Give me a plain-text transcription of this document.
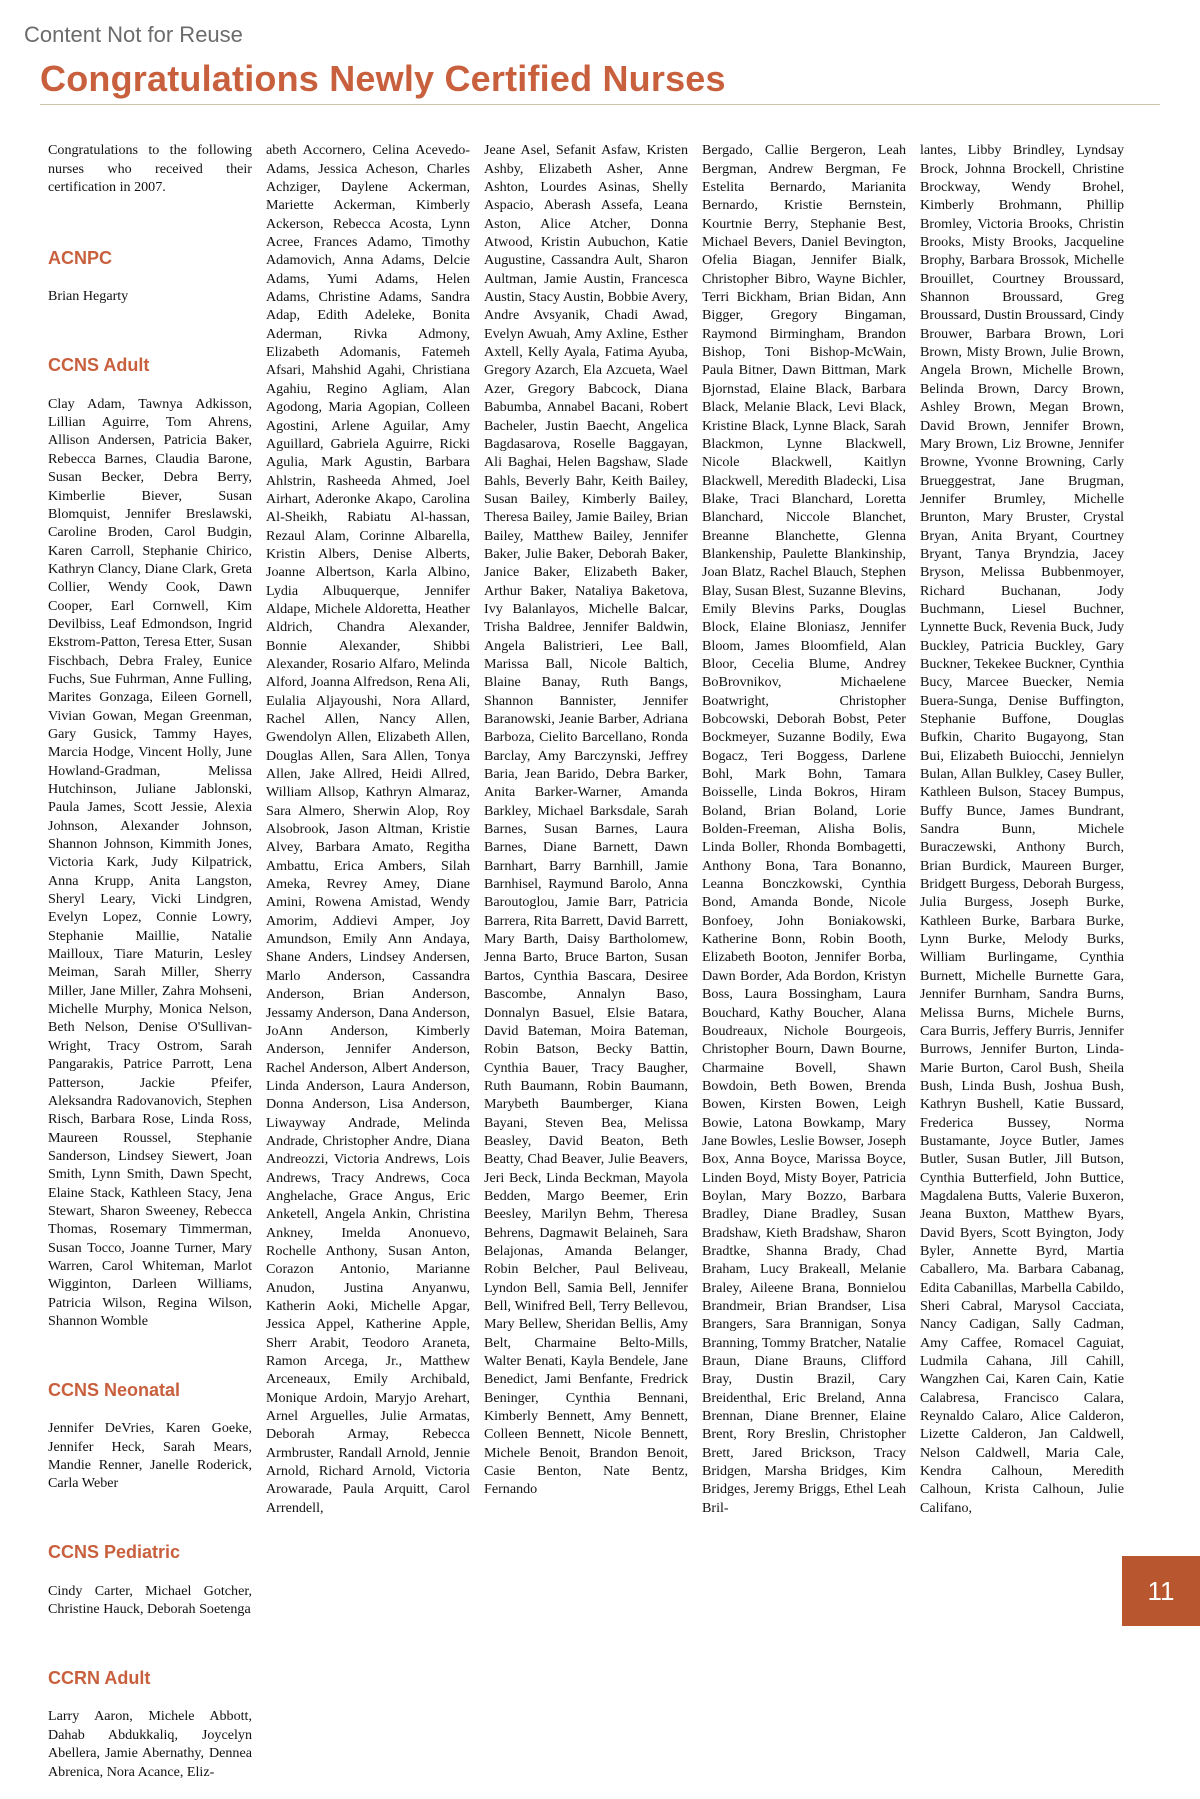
Content Not for Reuse
Congratulations Newly Certified Nurses

Congratulations to the following nurses who received their certification in 2007.

ACNPC

Brian Hegarty

CCNS Adult

Clay Adam, Tawnya Adkisson, Lillian Aguirre, Tom Ahrens, Allison Andersen, Patricia Baker, Rebecca Barnes, Claudia Barone, Susan Becker, Debra Berry, Kimberlie Biever, Susan Blomquist, Jennifer Breslawski, Caroline Broden, Carol Budgin, Karen Carroll, Stephanie Chirico, Kathryn Clancy, Diane Clark, Greta Collier, Wendy Cook, Dawn Cooper, Earl Cornwell, Kim Devilbiss, Leaf Edmondson, Ingrid Ekstrom-Patton, Teresa Etter, Susan Fischbach, Debra Fraley, Eunice Fuchs, Sue Fuhrman, Anne Fulling, Marites Gonzaga, Eileen Gornell, Vivian Gowan, Megan Greenman, Gary Gusick, Tammy Hayes, Marcia Hodge, Vincent Holly, June Howland-Gradman, Melissa Hutchinson, Juliane Jablonski, Paula James, Scott Jessie, Alexia Johnson, Alexander Johnson, Shannon Johnson, Kimmith Jones, Victoria Kark, Judy Kilpatrick, Anna Krupp, Anita Langston, Sheryl Leary, Vicki Lindgren, Evelyn Lopez, Connie Lowry, Stephanie Maillie, Natalie Mailloux, Tiare Maturin, Lesley Meiman, Sarah Miller, Sherry Miller, Jane Miller, Zahra Mohseni, Michelle Murphy, Monica Nelson, Beth Nelson, Denise O'Sullivan-Wright, Tracy Ostrom, Sarah Pangarakis, Patrice Parrott, Lena Patterson, Jackie Pfeifer, Aleksandra Radovanovich, Stephen Risch, Barbara Rose, Linda Ross, Maureen Roussel, Stephanie Sanderson, Lindsey Siewert, Joan Smith, Lynn Smith, Dawn Specht, Elaine Stack, Kathleen Stacy, Jena Stewart, Sharon Sweeney, Rebecca Thomas, Rosemary Timmerman, Susan Tocco, Joanne Turner, Mary Warren, Carol Whiteman, Marlot Wigginton, Darleen Williams, Patricia Wilson, Regina Wilson, Shannon Womble

CCNS Neonatal

Jennifer DeVries, Karen Goeke, Jennifer Heck, Sarah Mears, Mandie Renner, Janelle Roderick, Carla Weber

CCNS Pediatric

Cindy Carter, Michael Gotcher, Christine Hauck, Deborah Soetenga

CCRN Adult

Larry Aaron, Michele Abbott, Dahab Abdukkaliq, Joycelyn Abellera, Jamie Abernathy, Dennea Abrenica, Nora Acance, Eliz-

abeth Accornero, Celina Acevedo-Adams, Jessica Acheson, Charles Achziger, Daylene Ackerman, Mariette Ackerman, Kimberly Ackerson, Rebecca Acosta, Lynn Acree, Frances Adamo, Timothy Adamovich, Anna Adams, Delcie Adams, Yumi Adams, Helen Adams, Christine Adams, Sandra Adap, Edith Adeleke, Bonita Aderman, Rivka Admony, Elizabeth Adomanis, Fatemeh Afsari, Mahshid Agahi, Christiana Agahiu, Regino Agliam, Alan Agodong, Maria Agopian, Colleen Agostini, Arlene Aguilar, Amy Aguillard, Gabriela Aguirre, Ricki Agulia, Mark Agustin, Barbara Ahlstrin, Rasheeda Ahmed, Joel Airhart, Aderonke Akapo, Carolina Al-Sheikh, Rabiatu Al-hassan, Rezaul Alam, Corinne Albarella, Kristin Albers, Denise Alberts, Joanne Albertson, Karla Albino, Lydia Albuquerque, Jennifer Aldape, Michele Aldoretta, Heather Aldrich, Chandra Alexander, Bonnie Alexander, Shibbi Alexander, Rosario Alfaro, Melinda Alford, Joanna Alfredson, Rena Ali, Eulalia Aljayoushi, Nora Allard, Rachel Allen, Nancy Allen, Gwendolyn Allen, Elizabeth Allen, Douglas Allen, Sara Allen, Tonya Allen, Jake Allred, Heidi Allred, William Allsop, Kathryn Almaraz, Sara Almero, Sherwin Alop, Roy Alsobrook, Jason Altman, Kristie Alvey, Barbara Amato, Regitha Ambattu, Erica Ambers, Silah Ameka, Revrey Amey, Diane Amini, Rowena Amistad, Wendy Amorim, Addievi Amper, Joy Amundson, Emily Ann Andaya, Shane Anders, Lindsey Andersen, Marlo Anderson, Cassandra Anderson, Brian Anderson, Jessamy Anderson, Dana Anderson, JoAnn Anderson, Kimberly Anderson, Jennifer Anderson, Rachel Anderson, Albert Anderson, Linda Anderson, Laura Anderson, Donna Anderson, Lisa Anderson, Liwayway Andrade, Melinda Andrade, Christopher Andre, Diana Andreozzi, Victoria Andrews, Lois Andrews, Tracy Andrews, Coca Anghelache, Grace Angus, Eric Anketell, Angela Ankin, Christina Ankney, Imelda Anonuevo, Rochelle Anthony, Susan Anton, Corazon Antonio, Marianne Anudon, Justina Anyanwu, Katherin Aoki, Michelle Apgar, Jessica Appel, Katherine Apple, Sherr Arabit, Teodoro Araneta, Ramon Arcega, Jr., Matthew Arceneaux, Emily Archibald, Monique Ardoin, Maryjo Arehart, Arnel Arguelles, Julie Armatas, Deborah Armay, Rebecca Armbruster, Randall Arnold, Jennie Arnold, Richard Arnold, Victoria Arowarade, Paula Arquitt, Carol Arrendell,

Jeane Asel, Sefanit Asfaw, Kristen Ashby, Elizabeth Asher, Anne Ashton, Lourdes Asinas, Shelly Aspacio, Aberash Assefa, Leana Aston, Alice Atcher, Donna Atwood, Kristin Aubuchon, Katie Augustine, Cassandra Ault, Sharon Aultman, Jamie Austin, Francesca Austin, Stacy Austin, Bobbie Avery, Andre Avsyanik, Chadi Awad, Evelyn Awuah, Amy Axline, Esther Axtell, Kelly Ayala, Fatima Ayuba, Gregory Azarch, Ela Azcueta, Wael Azer, Gregory Babcock, Diana Babumba, Annabel Bacani, Robert Bacheler, Justin Baecht, Angelica Bagdasarova, Roselle Baggayan, Ali Baghai, Helen Bagshaw, Slade Bahls, Beverly Bahr, Keith Bailey, Susan Bailey, Kimberly Bailey, Theresa Bailey, Jamie Bailey, Brian Bailey, Matthew Bailey, Jennifer Baker, Julie Baker, Deborah Baker, Janice Baker, Elizabeth Baker, Arthur Baker, Nataliya Baketova, Ivy Balanlayos, Michelle Balcar, Trisha Baldree, Jennifer Baldwin, Angela Balistrieri, Lee Ball, Marissa Ball, Nicole Baltich, Blaine Banay, Ruth Bangs, Shannon Bannister, Jennifer Baranowski, Jeanie Barber, Adriana Barboza, Cielito Barcellano, Ronda Barclay, Amy Barczynski, Jeffrey Baria, Jean Barido, Debra Barker, Anita Barker-Warner, Amanda Barkley, Michael Barksdale, Sarah Barnes, Susan Barnes, Laura Barnes, Diane Barnett, Dawn Barnhart, Barry Barnhill, Jamie Barnhisel, Raymund Barolo, Anna Baroutoglou, Jamie Barr, Patricia Barrera, Rita Barrett, David Barrett, Mary Barth, Daisy Bartholomew, Jenna Barto, Bruce Barton, Susan Bartos, Cynthia Bascara, Desiree Bascombe, Annalyn Baso, Donnalyn Basuel, Elsie Batara, David Bateman, Moira Bateman, Robin Batson, Becky Battin, Cynthia Bauer, Tracy Baugher, Ruth Baumann, Robin Baumann, Marybeth Baumberger, Kiana Bayani, Steven Bea, Melissa Beasley, David Beaton, Beth Beatty, Chad Beaver, Julie Beavers, Jeri Beck, Linda Beckman, Mayola Bedden, Margo Beemer, Erin Beesley, Marilyn Behm, Theresa Behrens, Dagmawit Belaineh, Sara Belajonas, Amanda Belanger, Robin Belcher, Paul Beliveau, Lyndon Bell, Samia Bell, Jennifer Bell, Winifred Bell, Terry Bellevou, Mary Bellew, Sheridan Bellis, Amy Belt, Charmaine Belto-Mills, Walter Benati, Kayla Bendele, Jane Benedict, Jami Benfante, Fredrick Beninger, Cynthia Bennani, Kimberly Bennett, Amy Bennett, Colleen Bennett, Nicole Bennett, Michele Benoit, Brandon Benoit, Casie Benton, Nate Bentz, Fernando

Bergado, Callie Bergeron, Leah Bergman, Andrew Bergman, Fe Estelita Bernardo, Marianita Bernardo, Kristie Bernstein, Kourtnie Berry, Stephanie Best, Michael Bevers, Daniel Bevington, Ofelia Biagan, Jennifer Bialk, Christopher Bibro, Wayne Bichler, Terri Bickham, Brian Bidan, Ann Bigger, Gregory Bingaman, Raymond Birmingham, Brandon Bishop, Toni Bishop-McWain, Paula Bitner, Dawn Bittman, Mark Bjornstad, Elaine Black, Barbara Black, Melanie Black, Levi Black, Kristine Black, Lynne Black, Sarah Blackmon, Lynne Blackwell, Nicole Blackwell, Kaitlyn Blackwell, Meredith Bladecki, Lisa Blake, Traci Blanchard, Loretta Blanchard, Niccole Blanchet, Breanne Blanchette, Glenna Blankenship, Paulette Blankinship, Joan Blatz, Rachel Blauch, Stephen Blay, Susan Blest, Suzanne Blevins, Emily Blevins Parks, Douglas Block, Elaine Bloniasz, Jennifer Bloom, James Bloomfield, Alan Bloor, Cecelia Blume, Andrey BoBrovnikov, Michaelene Boatwright, Christopher Bobcowski, Deborah Bobst, Peter Bockmeyer, Suzanne Bodily, Ewa Bogacz, Teri Boggess, Darlene Bohl, Mark Bohn, Tamara Boisselle, Linda Bokros, Hiram Boland, Brian Boland, Lorie Bolden-Freeman, Alisha Bolis, Linda Boller, Rhonda Bombagetti, Anthony Bona, Tara Bonanno, Leanna Bonczkowski, Cynthia Bond, Amanda Bonde, Nicole Bonfoey, John Boniakowski, Katherine Bonn, Robin Booth, Elizabeth Booton, Jennifer Borba, Dawn Border, Ada Bordon, Kristyn Boss, Laura Bossingham, Laura Bouchard, Kathy Boucher, Alana Boudreaux, Nichole Bourgeois, Christopher Bourn, Dawn Bourne, Charmaine Bovell, Shawn Bowdoin, Beth Bowen, Brenda Bowen, Kirsten Bowen, Leigh Bowie, Latona Bowkamp, Mary Jane Bowles, Leslie Bowser, Joseph Box, Anna Boyce, Marissa Boyce, Linden Boyd, Misty Boyer, Patricia Boylan, Mary Bozzo, Barbara Bradley, Diane Bradley, Susan Bradshaw, Kieth Bradshaw, Sharon Bradtke, Shanna Brady, Chad Braham, Lucy Brakeall, Melanie Braley, Aileene Brana, Bonnielou Brandmeir, Brian Brandser, Lisa Brangers, Sara Brannigan, Sonya Branning, Tommy Bratcher, Natalie Braun, Diane Brauns, Clifford Bray, Dustin Brazil, Cary Breidenthal, Eric Breland, Anna Brennan, Diane Brenner, Elaine Brent, Rory Breslin, Christopher Brett, Jared Brickson, Tracy Bridgen, Marsha Bridges, Kim Bridges, Jeremy Briggs, Ethel Leah Bril-

lantes, Libby Brindley, Lyndsay Brock, Johnna Brockell, Christine Brockway, Wendy Brohel, Kimberly Brohmann, Phillip Bromley, Victoria Brooks, Christin Brooks, Misty Brooks, Jacqueline Brophy, Barbara Brossok, Michelle Brouillet, Courtney Broussard, Shannon Broussard, Greg Broussard, Dustin Broussard, Cindy Brouwer, Barbara Brown, Lori Brown, Misty Brown, Julie Brown, Angela Brown, Michelle Brown, Belinda Brown, Darcy Brown, Ashley Brown, Megan Brown, David Brown, Jennifer Brown, Mary Brown, Liz Browne, Jennifer Browne, Yvonne Browning, Carly Brueggestrat, Jane Brugman, Jennifer Brumley, Michelle Brunton, Mary Bruster, Crystal Bryan, Anita Bryant, Courtney Bryant, Tanya Bryndzia, Jacey Bryson, Melissa Bubbenmoyer, Richard Buchanan, Jody Buchmann, Liesel Buchner, Lynnette Buck, Revenia Buck, Judy Buckley, Patricia Buckley, Gary Buckner, Tekekee Buckner, Cynthia Bucy, Marcee Buecker, Nemia Buera-Sunga, Denise Buffington, Stephanie Buffone, Douglas Bufkin, Charito Bugayong, Stan Bui, Elizabeth Buiocchi, Jennielyn Bulan, Allan Bulkley, Casey Buller, Kathleen Bulson, Stacey Bumpus, Buffy Bunce, James Bundrant, Sandra Bunn, Michele Buraczewski, Anthony Burch, Brian Burdick, Maureen Burger, Bridgett Burgess, Deborah Burgess, Julia Burgess, Joseph Burke, Kathleen Burke, Barbara Burke, Lynn Burke, Melody Burks, William Burlingame, Cynthia Burnett, Michelle Burnette Gara, Jennifer Burnham, Sandra Burns, Melissa Burns, Michele Burns, Cara Burris, Jeffery Burris, Jennifer Burrows, Jennifer Burton, Linda-Marie Burton, Carol Bush, Sheila Bush, Linda Bush, Joshua Bush, Kathryn Bushell, Katie Bussard, Frederica Bussey, Norma Bustamante, Joyce Butler, James Butler, Susan Butler, Jill Butson, Cynthia Butterfield, John Buttice, Magdalena Butts, Valerie Buxeron, Jeana Buxton, Matthew Byars, David Byers, Scott Byington, Jody Byler, Annette Byrd, Martia Caballero, Ma. Barbara Cabanag, Edita Cabanillas, Marbella Cabildo, Sheri Cabral, Marysol Cacciata, Nancy Cadigan, Sally Cadman, Amy Caffee, Romacel Caguiat, Ludmila Cahana, Jill Cahill, Wangzhen Cai, Karen Cain, Katie Calabresa, Francisco Calara, Reynaldo Calaro, Alice Calderon, Lizette Calderon, Jan Caldwell, Nelson Caldwell, Maria Cale, Kendra Calhoun, Meredith Calhoun, Krista Calhoun, Julie Califano,

11
